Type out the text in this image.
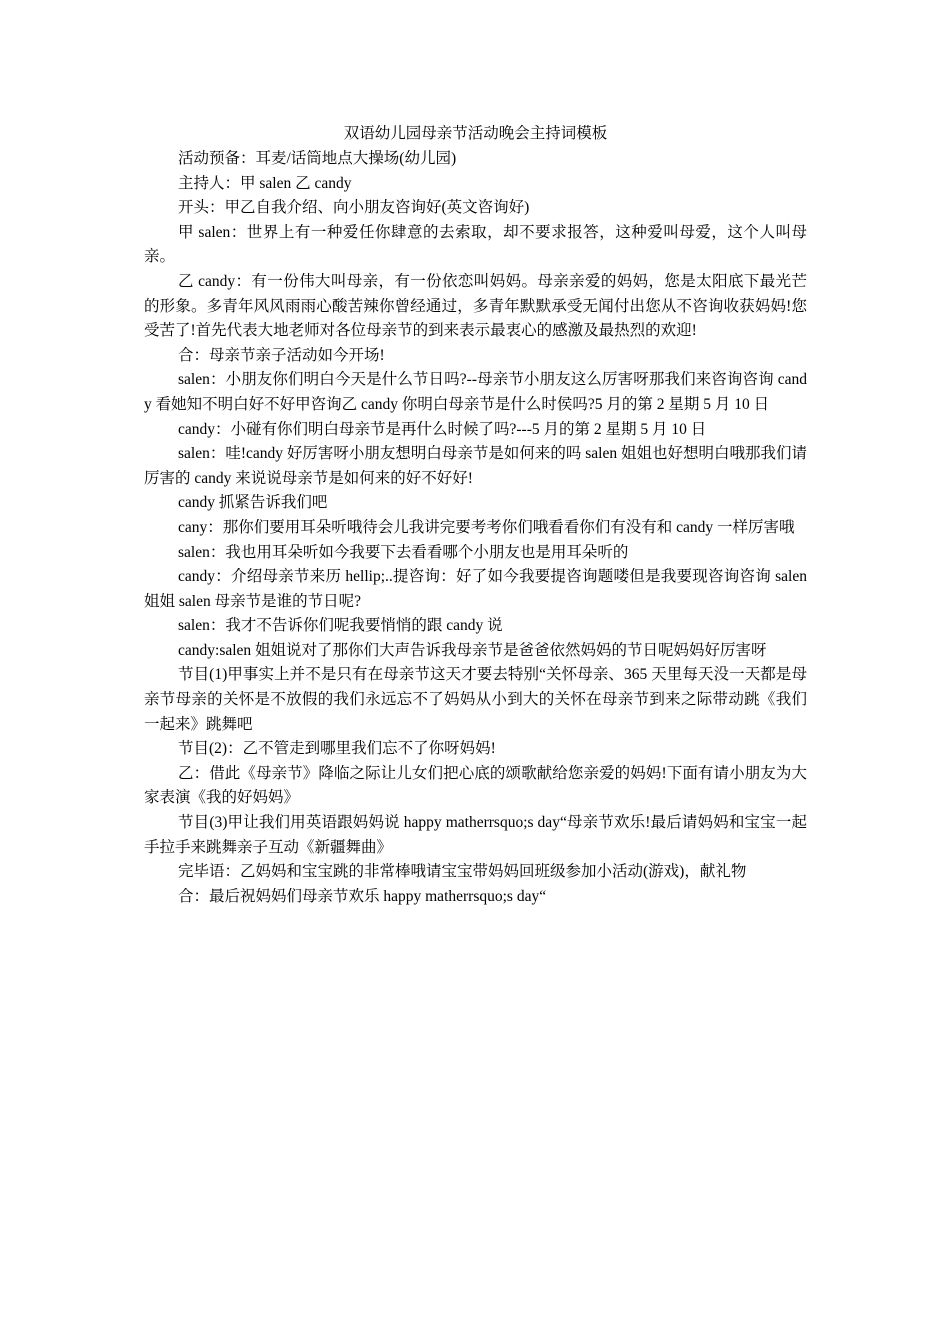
双语幼儿园母亲节活动晚会主持词模板

活动预备：耳麦/话筒地点大操场(幼儿园)

主持人：甲 salen 乙 candy

开头：甲乙自我介绍、向小朋友咨询好(英文咨询好)

甲 salen：世界上有一种爱任你肆意的去索取，却不要求报答，这种爱叫母爱，这个人叫母亲。

乙 candy：有一份伟大叫母亲，有一份依恋叫妈妈。母亲亲爱的妈妈，您是太阳底下最光芒的形象。多青年风风雨雨心酸苦辣你曾经通过，多青年默默承受无闻付出您从不咨询收获妈妈!您受苦了!首先代表大地老师对各位母亲节的到来表示最衷心的感激及最热烈的欢迎!

合：母亲节亲子活动如今开场!

salen：小朋友你们明白今天是什么节日吗?--母亲节小朋友这么厉害呀那我们来咨询咨询 candy 看她知不明白好不好甲咨询乙 candy 你明白母亲节是什么时侯吗?5 月的第 2 星期 5 月 10 日

candy：小碰有你们明白母亲节是再什么时候了吗?---5 月的第 2 星期 5 月 10 日

salen：哇!candy 好厉害呀小朋友想明白母亲节是如何来的吗 salen 姐姐也好想明白哦那我们请厉害的 candy 来说说母亲节是如何来的好不好好!

candy 抓紧告诉我们吧

cany：那你们要用耳朵听哦待会儿我讲完要考考你们哦看看你们有没有和 candy 一样厉害哦

salen：我也用耳朵听如今我要下去看看哪个小朋友也是用耳朵听的

candy：介绍母亲节来历 hellip;..提咨询：好了如今我要提咨询题喽但是我要现咨询咨询 salen 姐姐 salen 母亲节是谁的节日呢?

salen：我才不告诉你们呢我要悄悄的跟 candy 说

candy:salen 姐姐说对了那你们大声告诉我母亲节是爸爸依然妈妈的节日呢妈妈好厉害呀

节目(1)甲事实上并不是只有在母亲节这天才要去特别“关怀母亲、365 天里每天没一天都是母亲节母亲的关怀是不放假的我们永远忘不了妈妈从小到大的关怀在母亲节到来之际带动跳《我们一起来》跳舞吧

节目(2)：乙不管走到哪里我们忘不了你呀妈妈!

乙：借此《母亲节》降临之际让儿女们把心底的颂歌献给您亲爱的妈妈!下面有请小朋友为大家表演《我的好妈妈》

节目(3)甲让我们用英语跟妈妈说 happy matherrsquo;s day“母亲节欢乐!最后请妈妈和宝宝一起手拉手来跳舞亲子互动《新疆舞曲》

完毕语：乙妈妈和宝宝跳的非常棒哦请宝宝带妈妈回班级参加小活动(游戏)，献礼物

合：最后祝妈妈们母亲节欢乐 happy matherrsquo;s day“
